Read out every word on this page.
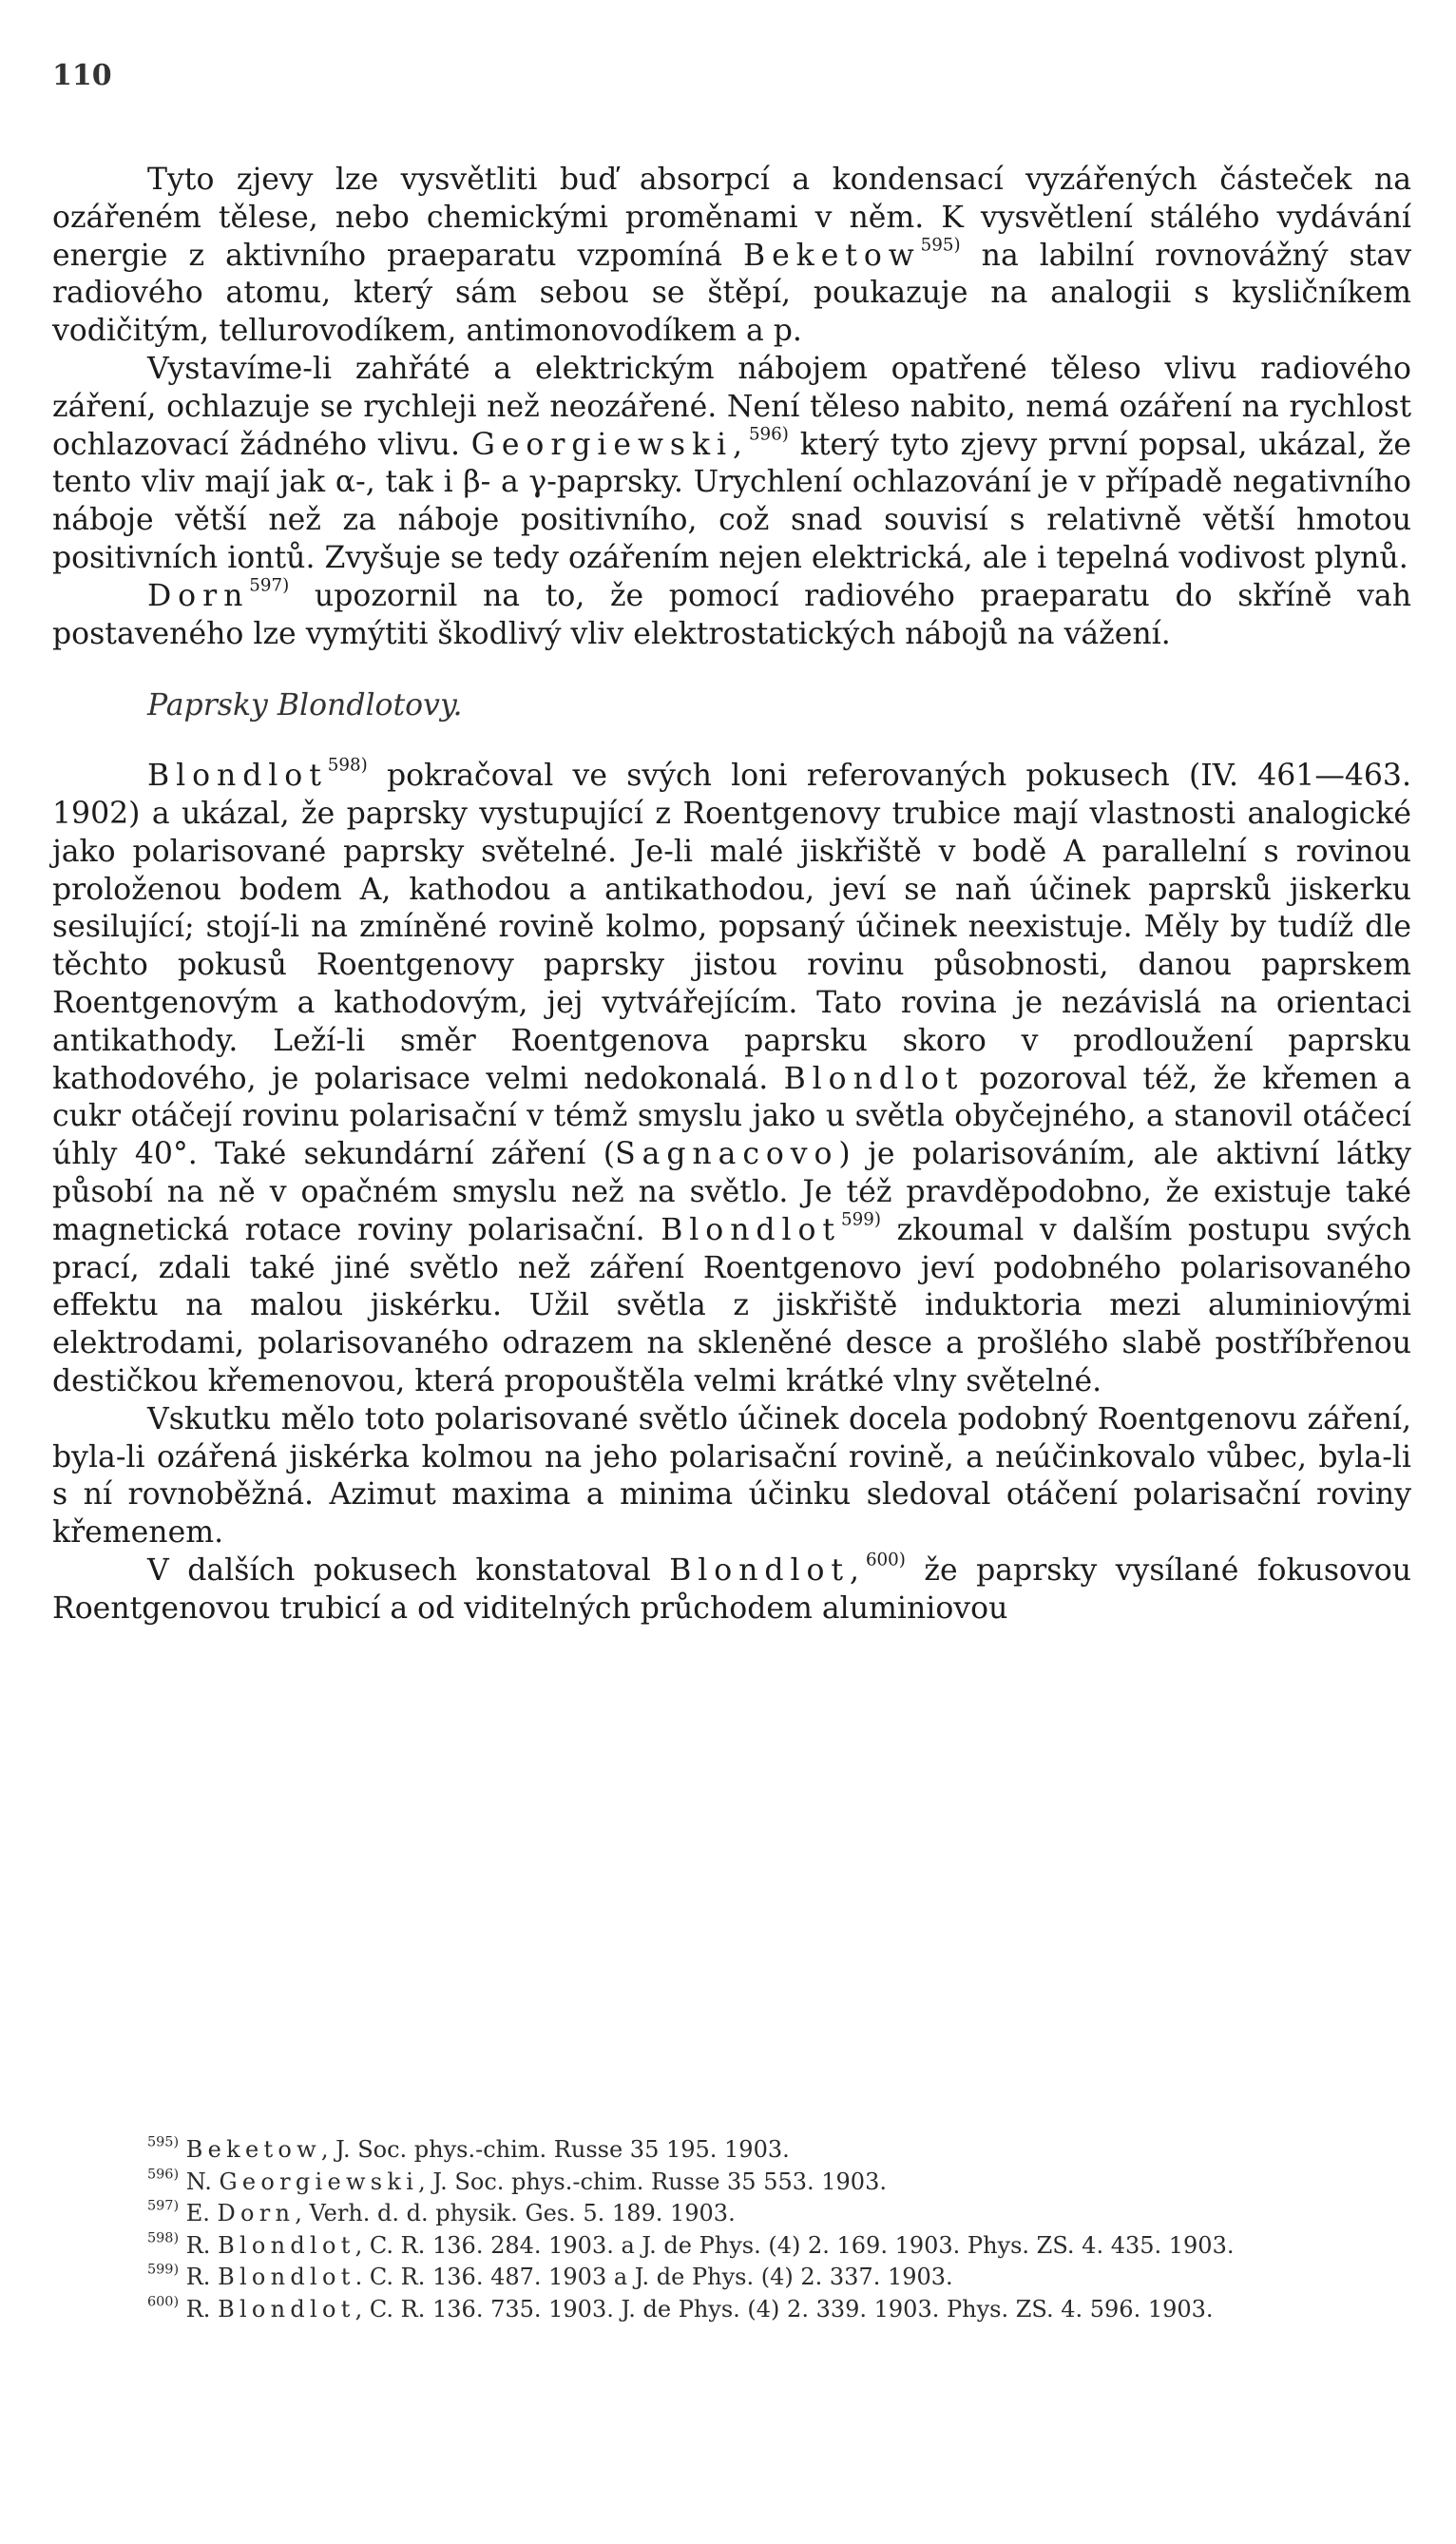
110

Tyto zjevy lze vysvětliti buď absorpcí a kondensací vyzářených částeček na ozářeném tělese, nebo chemickými proměnami v něm. K vysvětlení stálého vydávání energie z aktivního praeparatu vzpomíná Beketow$^{595)}$ na labilní rovnovážný stav radiového atomu, který sám sebou se štěpí, poukazuje na analogii s kysličníkem vodičitým, tellurovodíkem, antimonovodíkem a p.

Vystavíme-li zahřáté a elektrickým nábojem opatřené těleso vlivu radiového záření, ochlazuje se rychleji než neozářené. Není těleso nabito, nemá ozáření na rychlost ochlazovací žádného vlivu. Georgiewski,$^{596)}$ který tyto zjevy první popsal, ukázal, že tento vliv mají jak α-, tak i β- a γ-paprsky. Urychlení ochlazování je v případě negativního náboje větší než za náboje positivního, což snad souvisí s relativně větší hmotou positivních iontů. Zvyšuje se tedy ozářením nejen elektrická, ale i tepelná vodivost plynů.

Dorn$^{597)}$ upozornil na to, že pomocí radiového praeparatu do skříně vah postaveného lze vymýtiti škodlivý vliv elektrostatických nábojů na vážení.

Paprsky Blondlotovy.

Blondlot$^{598)}$ pokračoval ve svých loni referovaných pokusech (IV. 461—463. 1902) a ukázal, že paprsky vystupující z Roentgenovy trubice mají vlastnosti analogické jako polarisované paprsky světelné. Je-li malé jiskřiště v bodě A parallelní s rovinou proloženou bodem A, kathodou a antikathodou, jeví se naň účinek paprsků jiskerku sesilující; stojí-li na zmíněné rovině kolmo, popsaný účinek neexistuje. Měly by tudíž dle těchto pokusů Roentgenovy paprsky jistou rovinu působnosti, danou paprskem Roentgenovým a kathodovým, jej vytvářejícím. Tato rovina je nezávislá na orientaci antikathody. Leží-li směr Roentgenova paprsku skoro v prodloužení paprsku kathodového, je polarisace velmi nedokonalá. Blondlot pozoroval též, že křemen a cukr otáčejí rovinu polarisační v témž smyslu jako u světla obyčejného, a stanovil otáčecí úhly 40°. Také sekundární záření (Sagnacovo) je polarisováním, ale aktivní látky působí na ně v opačném smyslu než na světlo. Je též pravděpodobno, že existuje také magnetická rotace roviny polarisační. Blondlot$^{599)}$ zkoumal v dalším postupu svých prací, zdali také jiné světlo než záření Roentgenovo jeví podobného polarisovaného effektu na malou jiskérku. Užil světla z jiskřiště induktoria mezi aluminiovými elektrodami, polarisovaného odrazem na skleněné desce a prošlého slabě postříbřenou destičkou křemenovou, která propouštěla velmi krátké vlny světelné.

Vskutku mělo toto polarisované světlo účinek docela podobný Roentgenovu záření, byla-li ozářená jiskérka kolmou na jeho polarisační rovině, a neúčinkovalo vůbec, byla-li s ní rovnoběžná. Azimut maxima a minima účinku sledoval otáčení polarisační roviny křemenem.

V dalších pokusech konstatoval Blondlot,$^{600)}$ že paprsky vysílané fokusovou Roentgenovou trubicí a od viditelných průchodem aluminiovou

$^{595)}$ Beketow, J. Soc. phys.-chim. Russe 35 195. 1903.

$^{596)}$ N. Georgiewski, J. Soc. phys.-chim. Russe 35 553. 1903.

$^{597)}$ E. Dorn, Verh. d. d. physik. Ges. 5. 189. 1903.

$^{598)}$ R. Blondlot, C. R. 136. 284. 1903. a J. de Phys. (4) 2. 169. 1903. Phys. ZS. 4. 435. 1903.

$^{599)}$ R. Blondlot. C. R. 136. 487. 1903 a J. de Phys. (4) 2. 337. 1903.

$^{600)}$ R. Blondlot, C. R. 136. 735. 1903. J. de Phys. (4) 2. 339. 1903. Phys. ZS. 4. 596. 1903.
